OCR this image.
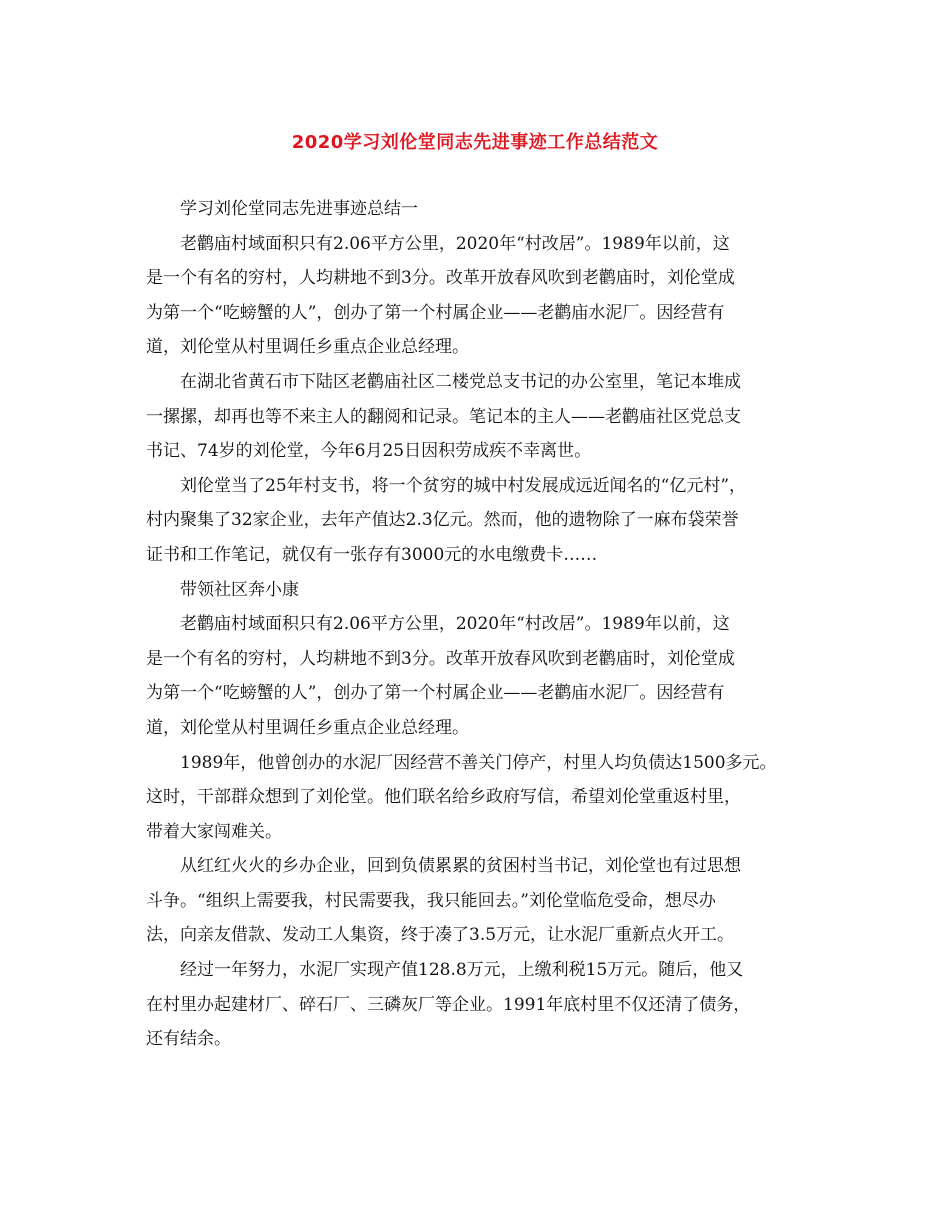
2020学习刘伦堂同志先进事迹工作总结范文
学习刘伦堂同志先进事迹总结一
老鹳庙村域面积只有2.06平方公里，2020年“村改居”。1989年以前，这
是一个有名的穷村，人均耕地不到3分。改革开放春风吹到老鹳庙时，刘伦堂成
为第一个“吃螃蟹的人”，创办了第一个村属企业——老鹳庙水泥厂。因经营有
道，刘伦堂从村里调任乡重点企业总经理。
在湖北省黄石市下陆区老鹳庙社区二楼党总支书记的办公室里，笔记本堆成
一摞摞，却再也等不来主人的翻阅和记录。笔记本的主人——老鹳庙社区党总支
书记、74岁的刘伦堂，今年6月25日因积劳成疾不幸离世。
刘伦堂当了25年村支书，将一个贫穷的城中村发展成远近闻名的“亿元村”，
村内聚集了32家企业，去年产值达2.3亿元。然而，他的遗物除了一麻布袋荣誉
证书和工作笔记，就仅有一张存有3000元的水电缴费卡……
带领社区奔小康
老鹳庙村域面积只有2.06平方公里，2020年“村改居”。1989年以前，这
是一个有名的穷村，人均耕地不到3分。改革开放春风吹到老鹳庙时，刘伦堂成
为第一个“吃螃蟹的人”，创办了第一个村属企业——老鹳庙水泥厂。因经营有
道，刘伦堂从村里调任乡重点企业总经理。
1989年，他曾创办的水泥厂因经营不善关门停产，村里人均负债达1500多元。
这时，干部群众想到了刘伦堂。他们联名给乡政府写信，希望刘伦堂重返村里，
带着大家闯难关。
从红红火火的乡办企业，回到负债累累的贫困村当书记，刘伦堂也有过思想
斗争。“组织上需要我，村民需要我，我只能回去。”刘伦堂临危受命，想尽办
法，向亲友借款、发动工人集资，终于凑了3.5万元，让水泥厂重新点火开工。
经过一年努力，水泥厂实现产值128.8万元，上缴利税15万元。随后，他又
在村里办起建材厂、碎石厂、三磷灰厂等企业。1991年底村里不仅还清了债务，
还有结余。
